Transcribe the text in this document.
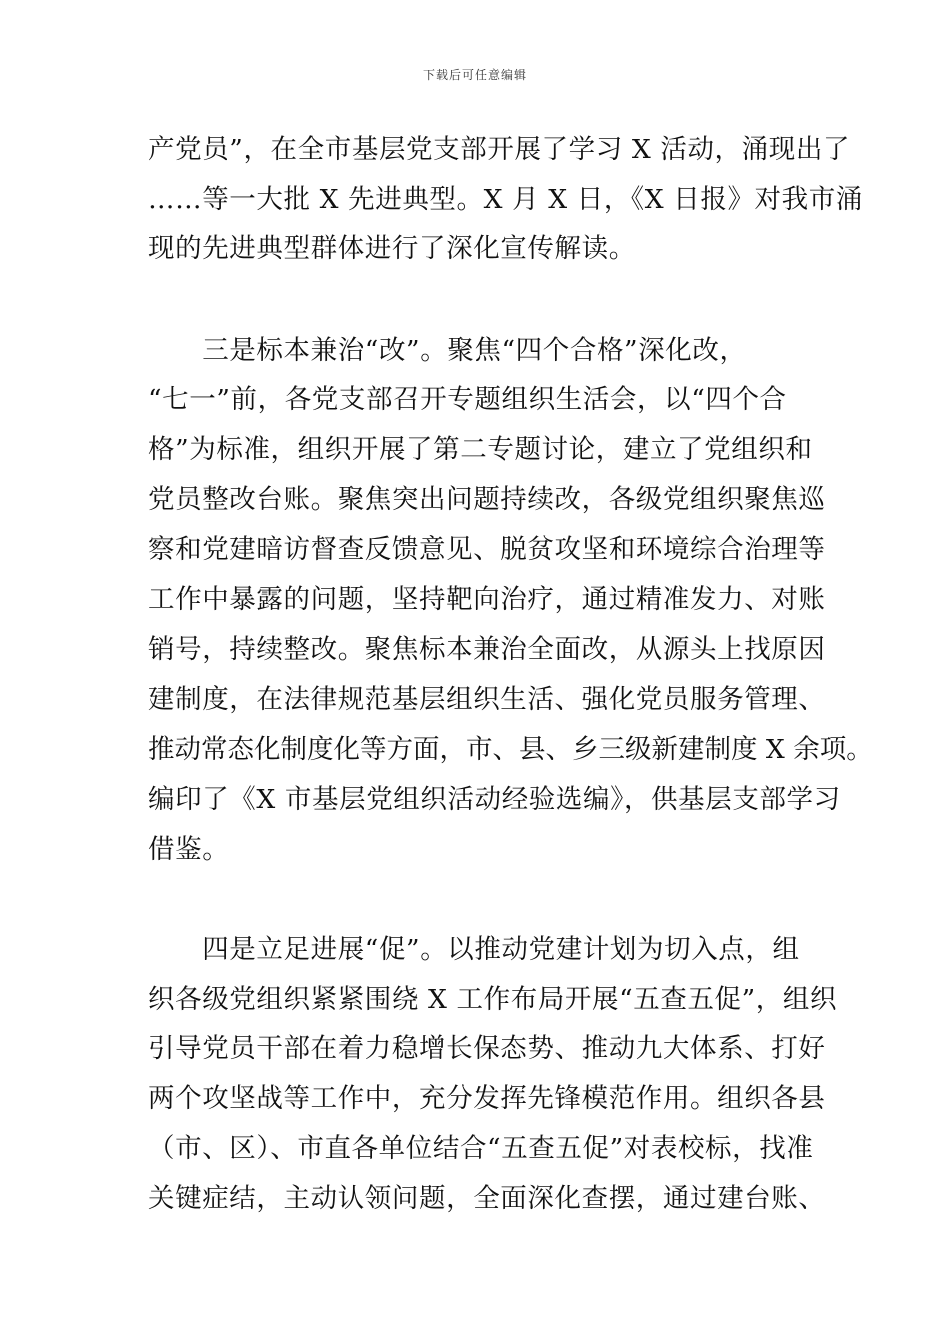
下载后可任意编辑
产党员”，在全市基层党支部开展了学习 X 活动，涌现出了
……等一大批 X 先进典型。X 月 X 日，《X 日报》对我市涌
现的先进典型群体进行了深化宣传解读。
　　三是标本兼治“改”。聚焦“四个合格”深化改，
“七一”前，各党支部召开专题组织生活会，以“四个合
格”为标准，组织开展了第二专题讨论，建立了党组织和
党员整改台账。聚焦突出问题持续改，各级党组织聚焦巡
察和党建暗访督查反馈意见、脱贫攻坚和环境综合治理等
工作中暴露的问题，坚持靶向治疗，通过精准发力、对账
销号，持续整改。聚焦标本兼治全面改，从源头上找原因
建制度，在法律规范基层组织生活、强化党员服务管理、
推动常态化制度化等方面，市、县、乡三级新建制度 X 余项。
编印了《X 市基层党组织活动经验选编》，供基层支部学习
借鉴。
　　四是立足进展“促”。以推动党建计划为切入点，组
织各级党组织紧紧围绕 X 工作布局开展“五查五促”，组织
引导党员干部在着力稳增长保态势、推动九大体系、打好
两个攻坚战等工作中，充分发挥先锋模范作用。组织各县
（市、区）、市直各单位结合“五查五促”对表校标，找准
关键症结，主动认领问题，全面深化查摆，通过建台账、
